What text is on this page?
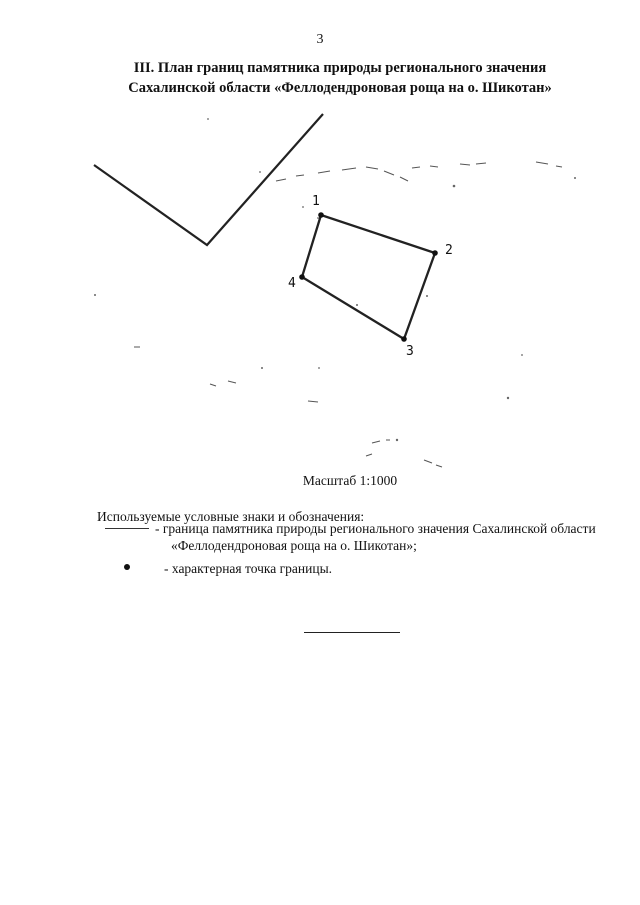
3
III. План границ памятника природы регионального значения
Сахалинской области «Феллодендроновая роща на о. Шикотан»
1
2
3
4
Масштаб 1:1000
Используемые условные знаки и обозначения:
- граница памятника природы регионального значения Сахалинской области
«Феллодендроновая роща на о. Шикотан»;
- характерная точка границы.
